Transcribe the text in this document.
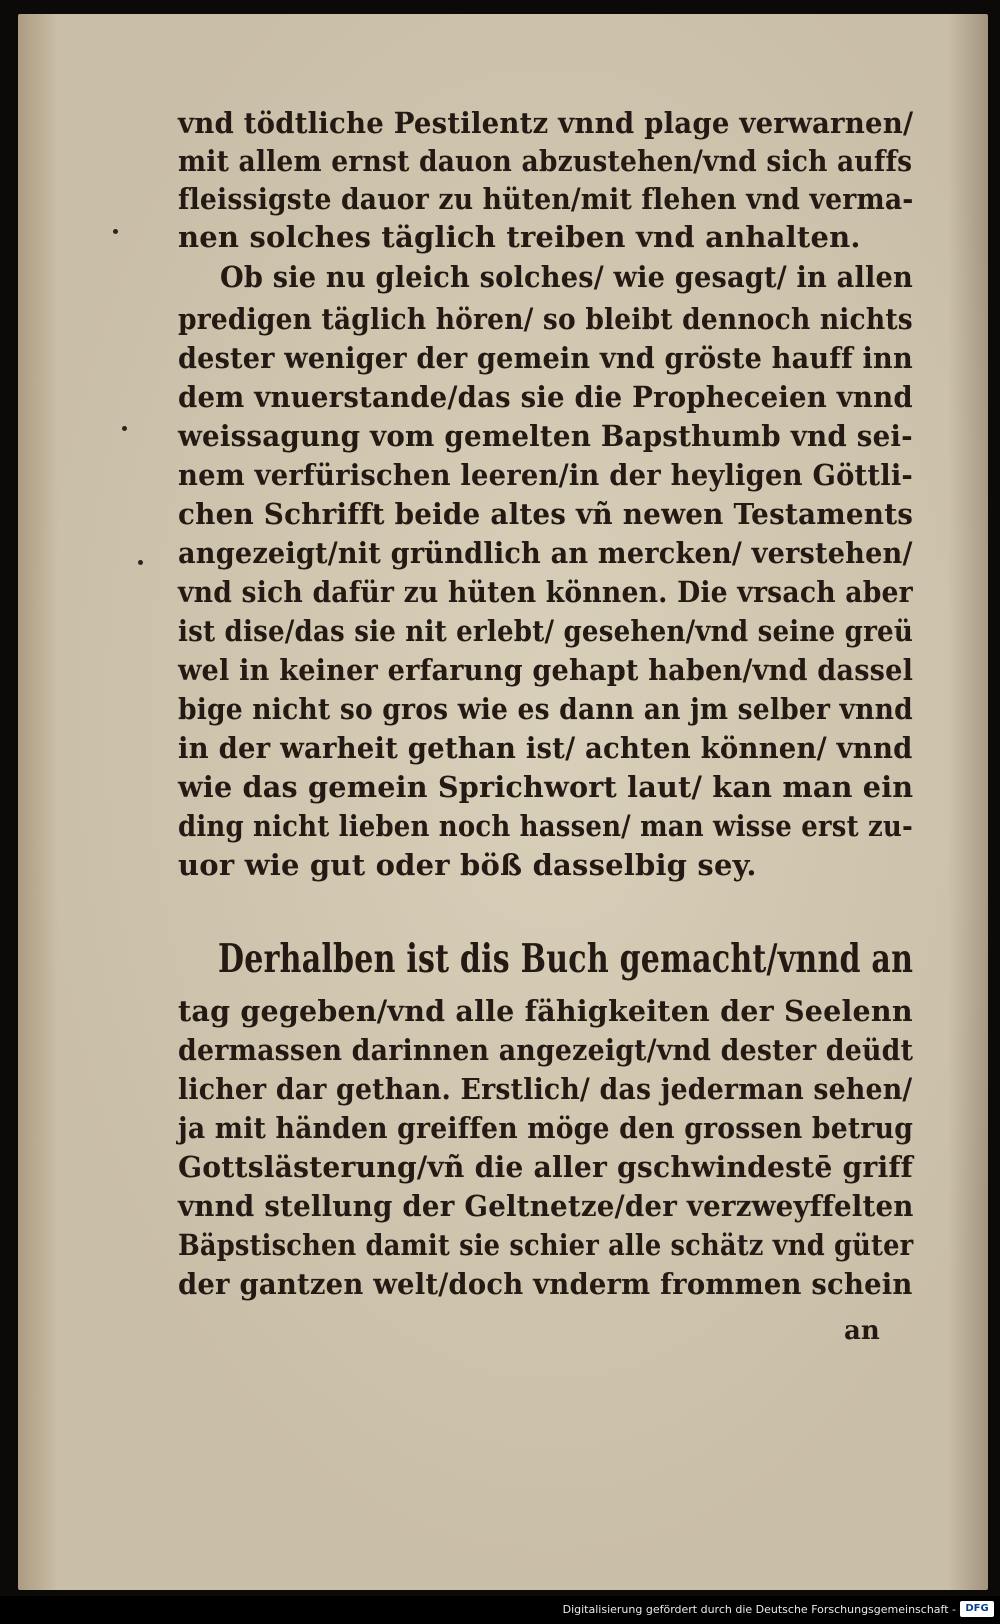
vnd tödtliche Pestilentz vnnd plage verwarnen/
mit allem ernst dauon abzustehen/vnd sich auffs
fleissigste dauor zu hüten/mit flehen vnd verma-
nen solches täglich treiben vnd anhalten.
Ob sie nu gleich solches/ wie gesagt/ in allen
predigen täglich hören/ so bleibt dennoch nichts
dester weniger der gemein vnd gröste hauff inn
dem vnuerstande/das sie die Propheceien vnnd
weissagung vom gemelten Bapsthumb vnd sei-
nem verfürischen leeren/in der heyligen Göttli-
chen Schrifft beide altes vñ newen Testaments
angezeigt/nit gründlich an mercken/ verstehen/
vnd sich dafür zu hüten können. Die vrsach aber
ist dise/das sie nit erlebt/ gesehen/vnd seine greü
wel in keiner erfarung gehapt haben/vnd dassel
bige nicht so gros wie es dann an jm selber vnnd
in der warheit gethan ist/ achten können/ vnnd
wie das gemein Sprichwort laut/ kan man ein
ding nicht lieben noch hassen/ man wisse erst zu-
uor wie gut oder böß dasselbig sey.
Derhalben ist dis Buch gemacht/vnnd an
tag gegeben/vnd alle fähigkeiten der Seelenn
dermassen darinnen angezeigt/vnd dester deüdt
licher dar gethan. Erstlich/ das jederman sehen/
ja mit händen greiffen möge den grossen betrug
Gottslästerung/vñ die aller gschwindestē griff
vnnd stellung der Geltnetze/der verzweyffelten
Bäpstischen damit sie schier alle schätz vnd güter
der gantzen welt/doch vnderm frommen schein
an
Digitalisierung gefördert durch die Deutsche Forschungsgemeinschaft - DFG
